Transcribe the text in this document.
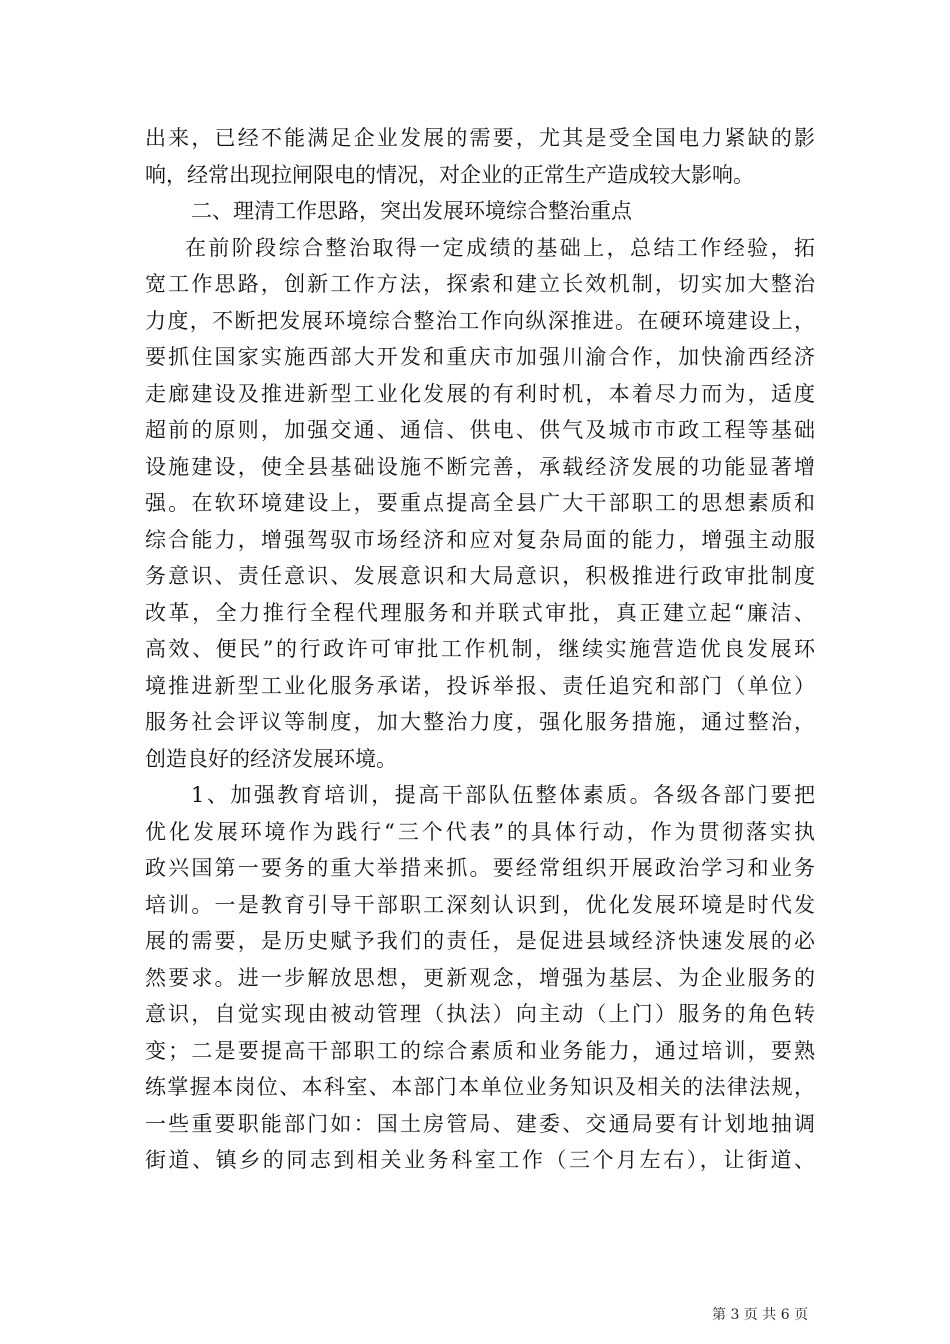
出来，已经不能满足企业发展的需要，尤其是受全国电力紧缺的影
响，经常出现拉闸限电的情况，对企业的正常生产造成较大影响。
二、理清工作思路，突出发展环境综合整治重点
在前阶段综合整治取得一定成绩的基础上，总结工作经验，拓
宽工作思路，创新工作方法，探索和建立长效机制，切实加大整治
力度，不断把发展环境综合整治工作向纵深推进。在硬环境建设上，
要抓住国家实施西部大开发和重庆市加强川渝合作，加快渝西经济
走廊建设及推进新型工业化发展的有利时机，本着尽力而为，适度
超前的原则，加强交通、通信、供电、供气及城市市政工程等基础
设施建设，使全县基础设施不断完善，承载经济发展的功能显著增
强。在软环境建设上，要重点提高全县广大干部职工的思想素质和
综合能力，增强驾驭市场经济和应对复杂局面的能力，增强主动服
务意识、责任意识、发展意识和大局意识，积极推进行政审批制度
改革，全力推行全程代理服务和并联式审批，真正建立起“廉洁、
高效、便民”的行政许可审批工作机制，继续实施营造优良发展环
境推进新型工业化服务承诺，投诉举报、责任追究和部门（单位）
服务社会评议等制度，加大整治力度，强化服务措施，通过整治，
创造良好的经济发展环境。
1、加强教育培训，提高干部队伍整体素质。各级各部门要把
优化发展环境作为践行“三个代表”的具体行动，作为贯彻落实执
政兴国第一要务的重大举措来抓。要经常组织开展政治学习和业务
培训。一是教育引导干部职工深刻认识到，优化发展环境是时代发
展的需要，是历史赋予我们的责任，是促进县域经济快速发展的必
然要求。进一步解放思想，更新观念，增强为基层、为企业服务的
意识，自觉实现由被动管理（执法）向主动（上门）服务的角色转
变；二是要提高干部职工的综合素质和业务能力，通过培训，要熟
练掌握本岗位、本科室、本部门本单位业务知识及相关的法律法规，
一些重要职能部门如：国土房管局、建委、交通局要有计划地抽调
街道、镇乡的同志到相关业务科室工作（三个月左右），让街道、
第 3 页 共 6 页
